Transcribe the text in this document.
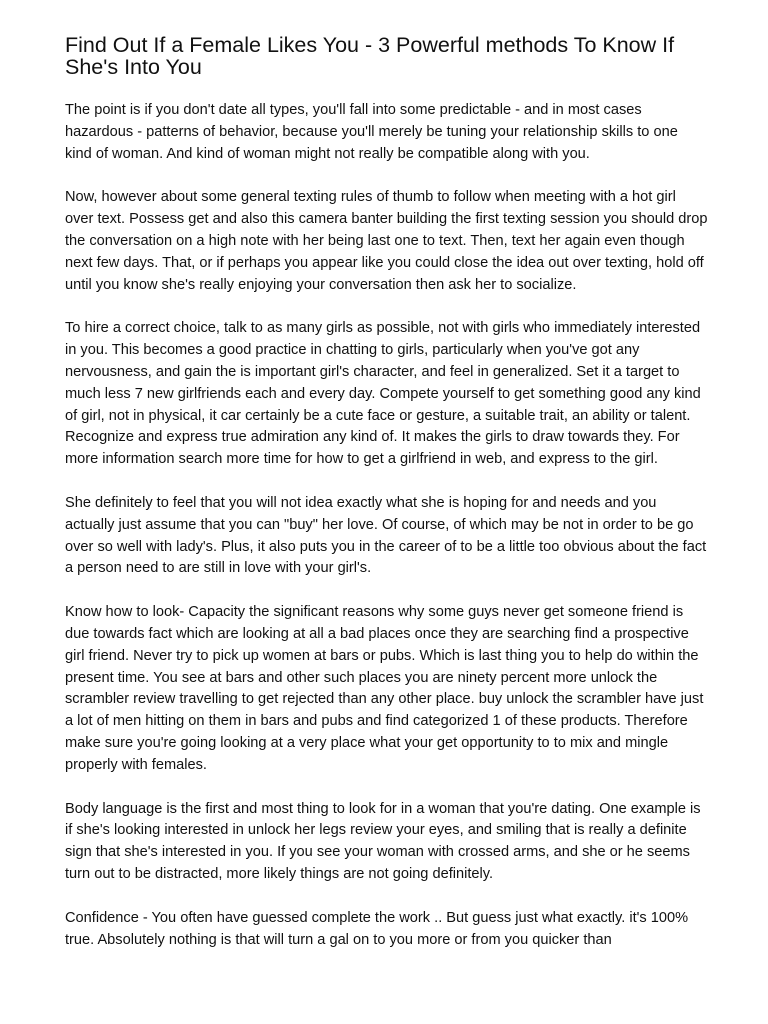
Find Out If a Female Likes You - 3 Powerful methods To Know If She's Into You

The point is if you don't date all types, you'll fall into some predictable - and in most cases hazardous - patterns of behavior, because you'll merely be tuning your relationship skills to one kind of woman. And kind of woman might not really be compatible along with you.

Now, however about some general texting rules of thumb to follow when meeting with a hot girl over text. Possess get and also this camera banter building the first texting session you should drop the conversation on a high note with her being last one to text. Then, text her again even though next few days. That, or if perhaps you appear like you could close the idea out over texting, hold off until you know she's really enjoying your conversation then ask her to socialize.

To hire a correct choice, talk to as many girls as possible, not with girls who immediately interested in you. This becomes a good practice in chatting to girls, particularly when you've got any nervousness, and gain the is important girl's character, and feel in generalized. Set it a target to much less 7 new girlfriends each and every day. Compete yourself to get something good any kind of girl, not in physical, it car certainly be a cute face or gesture, a suitable trait, an ability or talent. Recognize and express true admiration any kind of. It makes the girls to draw towards they. For more information search more time for how to get a girlfriend in web, and express to the girl.

She definitely to feel that you will not idea exactly what she is hoping for and needs and you actually just assume that you can "buy" her love. Of course, of which may be not in order to be go over so well with lady's. Plus, it also puts you in the career of to be a little too obvious about the fact a person need to are still in love with your girl's.

Know how to look- Capacity the significant reasons why some guys never get someone friend is due towards fact which are looking at all a bad places once they are searching find a prospective girl friend. Never try to pick up women at bars or pubs. Which is last thing you to help do within the present time. You see at bars and other such places you are ninety percent more unlock the scrambler review travelling to get rejected than any other place. buy unlock the scrambler have just a lot of men hitting on them in bars and pubs and find categorized 1 of these products. Therefore make sure you're going looking at a very place what your get opportunity to to mix and mingle properly with females.

Body language is the first and most thing to look for in a woman that you're dating. One example is if she's looking interested in unlock her legs review your eyes, and smiling that is really a definite sign that she's interested in you. If you see your woman with crossed arms, and she or he seems turn out to be distracted, more likely things are not going definitely.

Confidence - You often have guessed complete the work .. But guess just what exactly. it's 100% true. Absolutely nothing is that will turn a gal on to you more or from you quicker than
